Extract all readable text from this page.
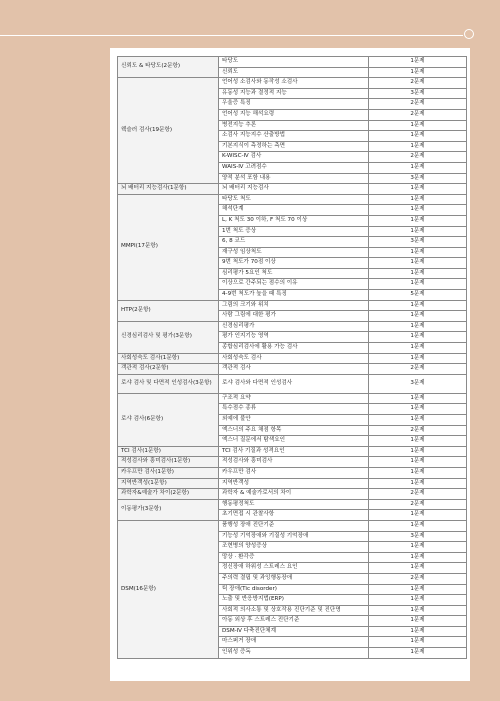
신뢰도 & 타당도(2문항)	타당도	1문제
	신뢰도	1문제
웩슬러 검사(19문항)	언어성 소검사와 동작성 소검사	2문제
	유동성 지능과 결정적 지능	3문제
	우울증 특징	2문제
	언어성 지능 해석요령	2문제
	병전지능 추론	1문제
	소검사 지능지수 산출방법	1문제
	기본지식이 측정하는 측면	1문제
	K-WISC-Ⅳ 검사	2문제
	WAIS-Ⅳ 고려점수	1문제
	양적 분석 포함 내용	3문제
뇌 배터리 지능검사(1문항)	뇌 배터리 지능검사	1문제
MMPI(17문항)	타당도 척도	1문제
	해석단계	1문제
	L, K 척도 30 이하, F 척도 70 이상	1문제
	1번 척도 증상	1문제
	6, 8 코드	3문제
	재구성 임상척도	1문제
	9번 척도가 70점 이상	1문제
	심리평가 5요인 척도	1문제
	이상으로 간주되는 점수의 이유	1문제
	4-9번 척도가 높을 때 특징	5문제
HTP(2문항)	그림의 크기와 위치	1문제
	사람 그림에 대한 평가	1문제
신경심리검사 및 평가(3문항)	신경심리평가	1문제
	평가 인지기능 영역	1문제
	종합심리검사에 활용 가능 검사	1문제
사회성숙도 검사(1문항)	사회성숙도 검사	1문제
객관적 검사(2문항)	객관적 검사	2문제
로샤 검사 및 다면적 인성검사(3문항)	로샤 검사와 다면적 인성검사	3문제
로샤 검사(6문항)	구조적 요약	1문제
	특수점수 종류	1문제
	외예에 불안	1문제
	엑스너의 주요 채점 항목	2문제
	엑스너 질문에서 탐색요인	1문제
TCI 검사(1문항)	TCI 검사 기질과 성격요인	1문제
적성검사와 흥미검사(1문항)	적성검사와 흥미검사	1문제
카우프만 검사(1문항)	카우프만 검사	1문제
지역반객성(1문항)	지역반객성	1문제
과학자&예술가 차이(2문항)	과학자 & 예술가로서의 차이	2문제
이동평가(3문항)	행동평정척도	2문제
	초기면접 시 관찰사항	1문제
DSM(16문항)	품행성 장애 진단기준	1문제
	기능성 기억장애와 기질성 기억장애	3문제
	조현병의 양성증상	1문제
	망상 · 환각증	1문제
	정신장애 하위성 스트레스 요인	1문제
	주의력 결핍 및 과잉행동장애	2문제
	틱 장애(Tic disorder)	1문제
	노출 및 반응방지법(ERP)	1문제
	사회적 의사소통 및 상호작용 진단기준 및 진단명	1문제
	아동 외상 후 스트레스 진단기준	1문제
	DSM-Ⅳ 다축진단체계	1문제
	마스퍼거 장애	1문제
	인위성 증독	1문제
